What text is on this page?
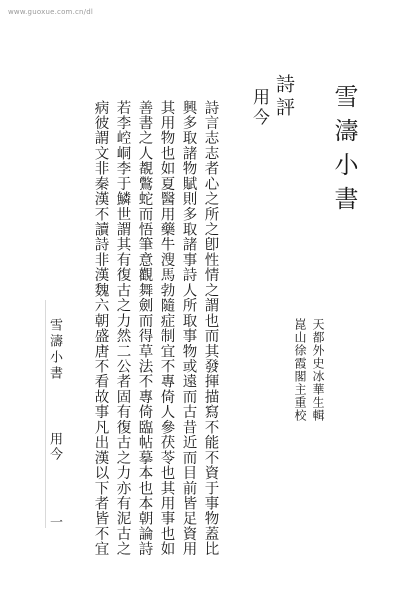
www.guoxue.com.cn/dl
雪濤小書
天都外史冰華生輯
崑山徐霞閣主重校
詩評
用今
詩言志志者心之所之卽性情之謂也而其發揮描寫不能不資于事物蓋比
興多取諸物賦則多取諸事詩人所取事物或遠而古昔近而目前皆足資用
其用物也如夏醫用藥牛溲馬勃隨症制宜不專倚人參茯苓也其用事也如
善書之人覩鷩蛇而悟筆意觀舞劍而得草法不專倚臨帖摹本也本朝論詩
若李崆峒李于鱗世謂其有復古之力然二公者固有復古之力亦有泥古之
病彼謂文非秦漢不讀詩非漢魏六朝盛唐不看故事凡出漢以下者皆不宜
雪濤小書
用今
一
